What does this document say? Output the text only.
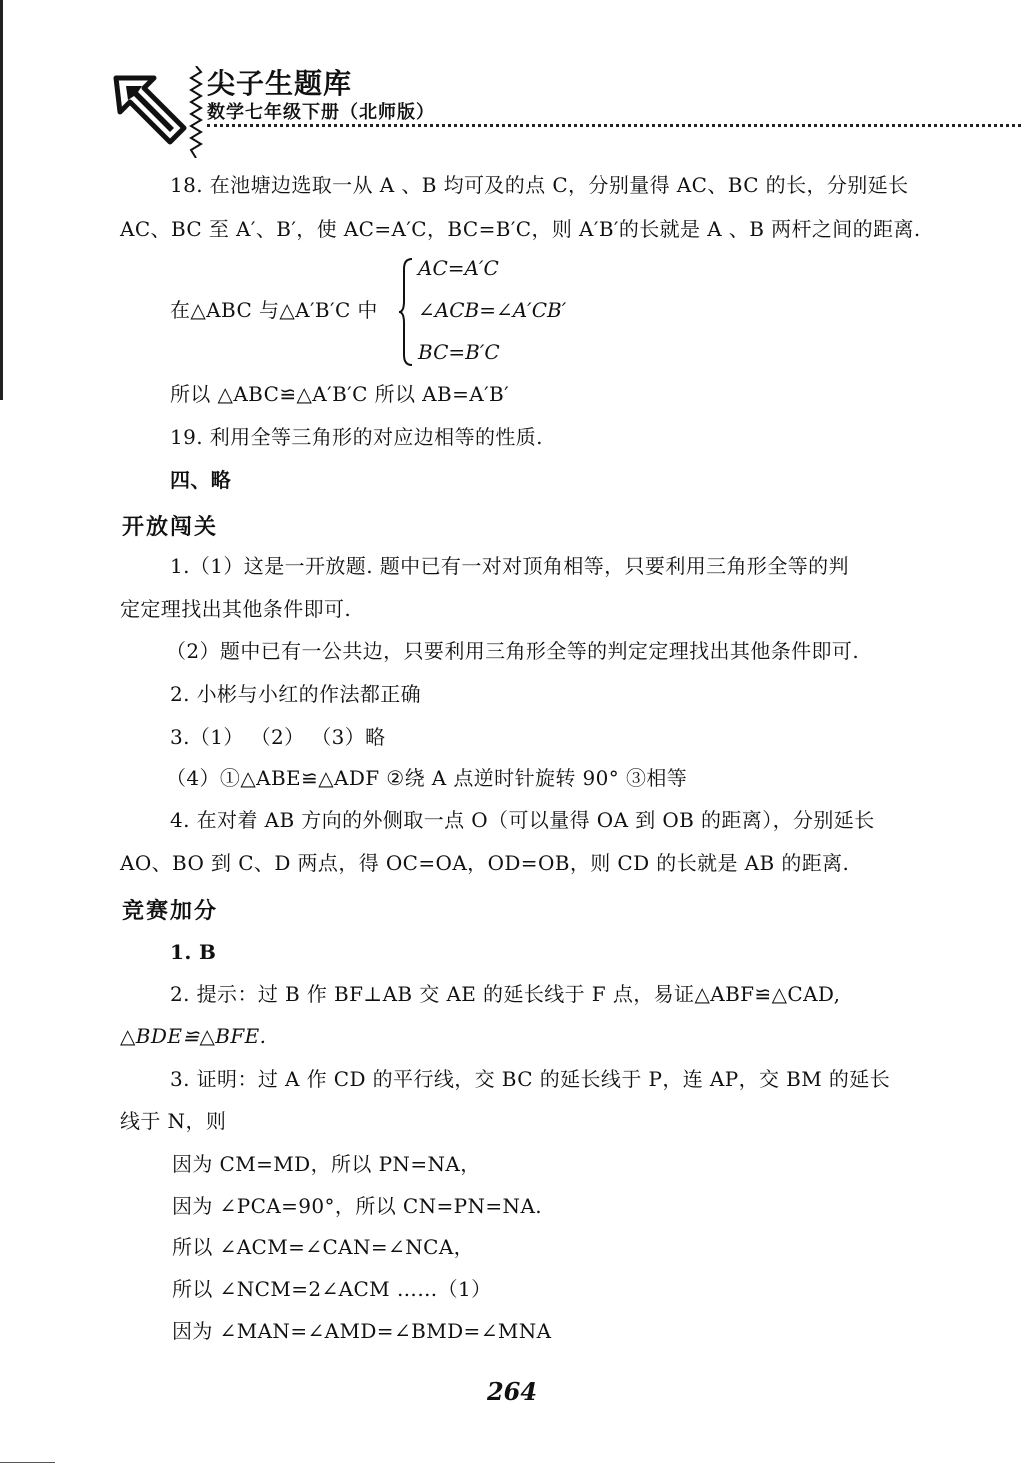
尖子生题库
数学七年级下册（北师版）
18. 在池塘边选取一从 A 、B 均可及的点 C，分别量得 AC、BC 的长，分别延长
AC、BC 至 A′、B′，使 AC=A′C，BC=B′C，则 A′B′的长就是 A 、B 两杆之间的距离.
在△ABC 与△A′B′C 中
AC=A′C
∠ACB=∠A′CB′
BC=B′C
所以 △ABC≌△A′B′C 所以 AB=A′B′
19. 利用全等三角形的对应边相等的性质.
四、略
开放闯关
1.（1）这是一开放题. 题中已有一对对顶角相等，只要利用三角形全等的判
定定理找出其他条件即可.
（2）题中已有一公共边，只要利用三角形全等的判定定理找出其他条件即可.
2. 小彬与小红的作法都正确
3.（1） （2） （3）略
（4）①△ABE≌△ADF ②绕 A 点逆时针旋转 90° ③相等
4. 在对着 AB 方向的外侧取一点 O（可以量得 OA 到 OB 的距离），分别延长
AO、BO 到 C、D 两点，得 OC=OA，OD=OB，则 CD 的长就是 AB 的距离.
竞赛加分
1. B
2. 提示：过 B 作 BF⊥AB 交 AE 的延长线于 F 点，易证△ABF≌△CAD,
△BDE≌△BFE.
3. 证明：过 A 作 CD 的平行线，交 BC 的延长线于 P，连 AP，交 BM 的延长
线于 N，则
因为 CM=MD，所以 PN=NA，
因为 ∠PCA=90°，所以 CN=PN=NA.
所以 ∠ACM=∠CAN=∠NCA，
所以 ∠NCM=2∠ACM ……（1）
因为 ∠MAN=∠AMD=∠BMD=∠MNA
264
